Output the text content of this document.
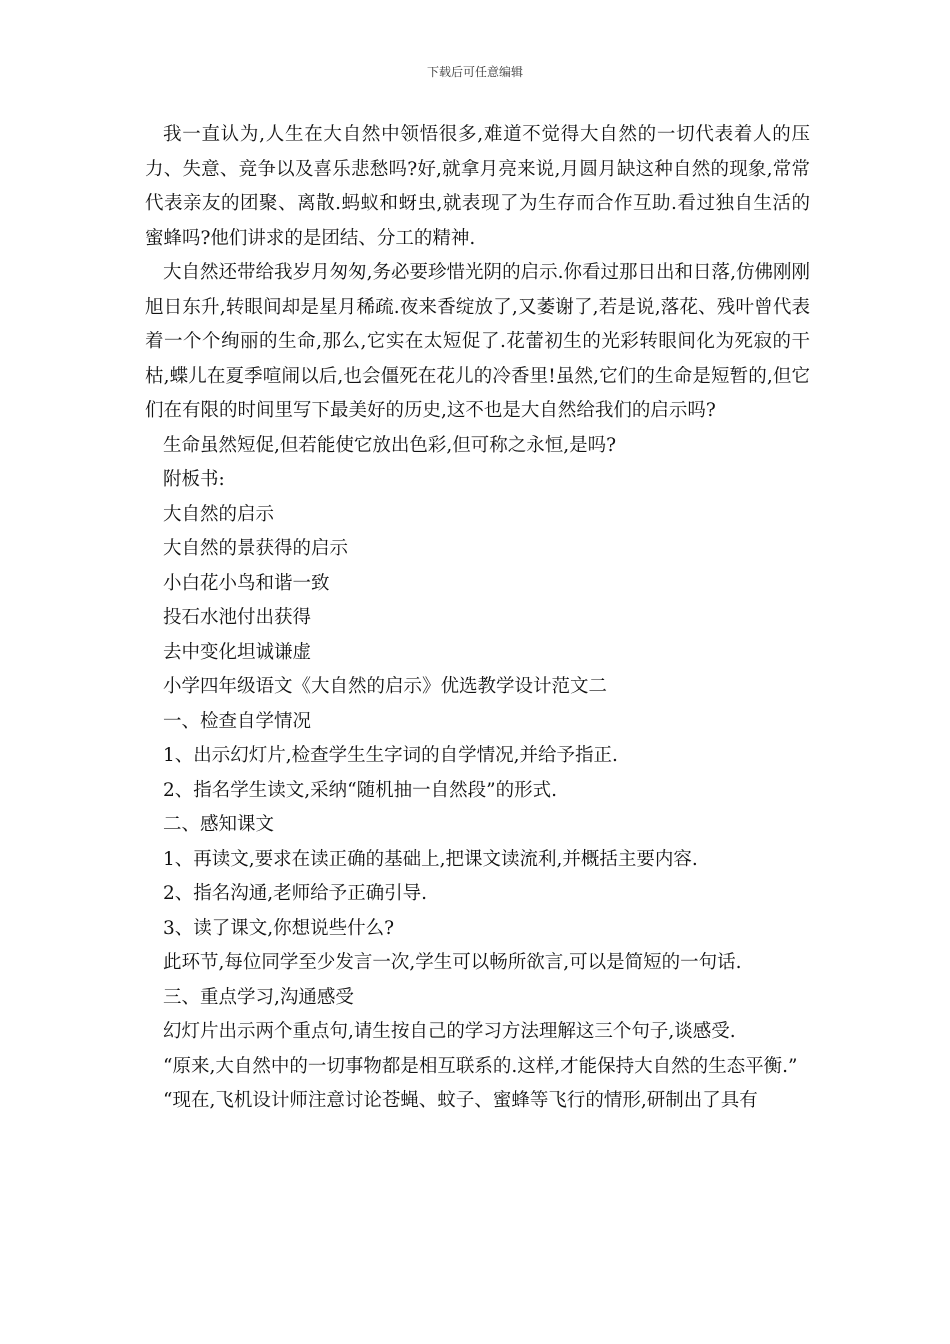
下载后可任意编辑

我一直认为,人生在大自然中领悟很多,难道不觉得大自然的一切代表着人的压力、失意、竞争以及喜乐悲愁吗?好,就拿月亮来说,月圆月缺这种自然的现象,常常代表亲友的团聚、离散.蚂蚁和蚜虫,就表现了为生存而合作互助.看过独自生活的蜜蜂吗?他们讲求的是团结、分工的精神.

大自然还带给我岁月匆匆,务必要珍惜光阴的启示.你看过那日出和日落,仿佛刚刚旭日东升,转眼间却是星月稀疏.夜来香绽放了,又萎谢了,若是说,落花、残叶曾代表着一个个绚丽的生命,那么,它实在太短促了.花蕾初生的光彩转眼间化为死寂的干枯,蝶儿在夏季喧闹以后,也会僵死在花儿的冷香里!虽然,它们的生命是短暂的,但它们在有限的时间里写下最美好的历史,这不也是大自然给我们的启示吗?

生命虽然短促,但若能使它放出色彩,但可称之永恒,是吗?

附板书:

大自然的启示

大自然的景获得的启示

小白花小鸟和谐一致

投石水池付出获得

去中变化坦诚谦虚

小学四年级语文《大自然的启示》优选教学设计范文二

一、检查自学情况

1、出示幻灯片,检查学生生字词的自学情况,并给予指正.

2、指名学生读文,采纳“随机抽一自然段”的形式.

二、感知课文

1、再读文,要求在读正确的基础上,把课文读流利,并概括主要内容.

2、指名沟通,老师给予正确引导.

3、读了课文,你想说些什么?

此环节,每位同学至少发言一次,学生可以畅所欲言,可以是简短的一句话.

三、重点学习,沟通感受

幻灯片出示两个重点句,请生按自己的学习方法理解这三个句子,谈感受.

“原来,大自然中的一切事物都是相互联系的.这样,才能保持大自然的生态平衡.”

“现在,飞机设计师注意讨论苍蝇、蚊子、蜜蜂等飞行的情形,研制出了具有
